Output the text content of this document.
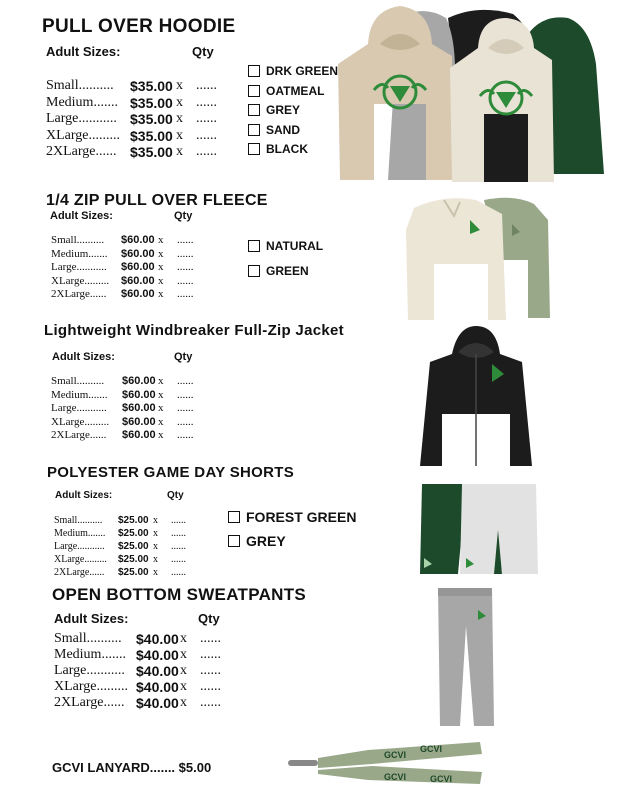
PULL OVER HOODIE
Adult Sizes:	Qty
Small.......... $35.00 x ......
Medium....... $35.00 x ......
Large........... $35.00 x ......
XLarge......... $35.00 x ......
2XLarge...... $35.00 x ......
DRK GREEN
OATMEAL
GREY
SAND
BLACK
1/4 ZIP PULL OVER FLEECE
Adult Sizes:	Qty
Small.......... $60.00 x ......
Medium....... $60.00 x ......
Large........... $60.00 x ......
XLarge......... $60.00 x ......
2XLarge...... $60.00 x ......
NATURAL
GREEN
Lightweight Windbreaker Full-Zip Jacket
Adult Sizes:	Qty
Small.......... $60.00 x ......
Medium....... $60.00 x ......
Large........... $60.00 x ......
XLarge......... $60.00 x ......
2XLarge...... $60.00 x ......
POLYESTER GAME DAY SHORTS
Adult Sizes:	Qty
Small.......... $25.00 x ......
Medium....... $25.00 x ......
Large........... $25.00 x ......
XLarge......... $25.00 x ......
2XLarge...... $25.00 x ......
FOREST GREEN
GREY
OPEN BOTTOM SWEATPANTS
Adult Sizes:	Qty
Small.......... $40.00 x ......
Medium....... $40.00 x ......
Large........... $40.00 x ......
XLarge......... $40.00 x ......
2XLarge...... $40.00 x ......
GCVI LANYARD....... $5.00
GCVI
GCVI
GCVI	GCVI
